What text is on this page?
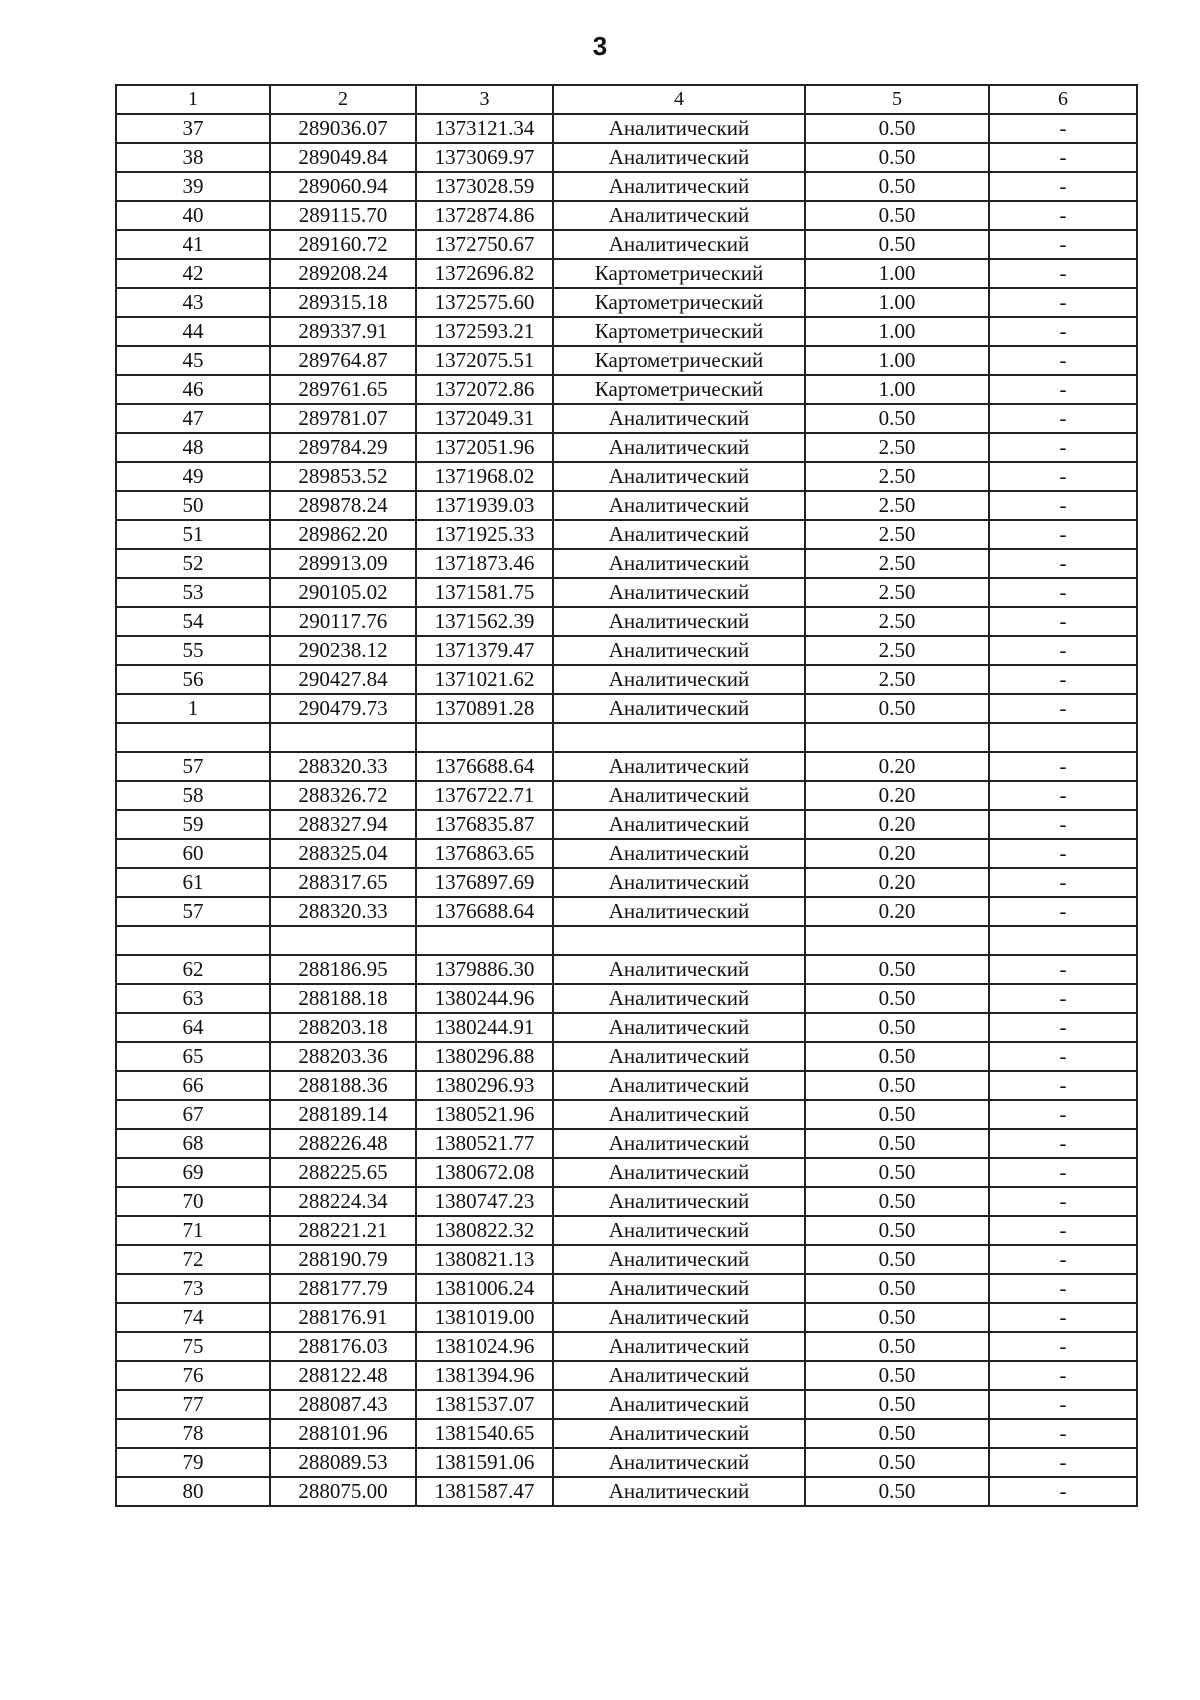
3
1	2	3	4	5	6
37	289036.07	1373121.34	Аналитический	0.50	-
38	289049.84	1373069.97	Аналитический	0.50	-
39	289060.94	1373028.59	Аналитический	0.50	-
40	289115.70	1372874.86	Аналитический	0.50	-
41	289160.72	1372750.67	Аналитический	0.50	-
42	289208.24	1372696.82	Картометрический	1.00	-
43	289315.18	1372575.60	Картометрический	1.00	-
44	289337.91	1372593.21	Картометрический	1.00	-
45	289764.87	1372075.51	Картометрический	1.00	-
46	289761.65	1372072.86	Картометрический	1.00	-
47	289781.07	1372049.31	Аналитический	0.50	-
48	289784.29	1372051.96	Аналитический	2.50	-
49	289853.52	1371968.02	Аналитический	2.50	-
50	289878.24	1371939.03	Аналитический	2.50	-
51	289862.20	1371925.33	Аналитический	2.50	-
52	289913.09	1371873.46	Аналитический	2.50	-
53	290105.02	1371581.75	Аналитический	2.50	-
54	290117.76	1371562.39	Аналитический	2.50	-
55	290238.12	1371379.47	Аналитический	2.50	-
56	290427.84	1371021.62	Аналитический	2.50	-
1	290479.73	1370891.28	Аналитический	0.50	-

57	288320.33	1376688.64	Аналитический	0.20	-
58	288326.72	1376722.71	Аналитический	0.20	-
59	288327.94	1376835.87	Аналитический	0.20	-
60	288325.04	1376863.65	Аналитический	0.20	-
61	288317.65	1376897.69	Аналитический	0.20	-
57	288320.33	1376688.64	Аналитический	0.20	-

62	288186.95	1379886.30	Аналитический	0.50	-
63	288188.18	1380244.96	Аналитический	0.50	-
64	288203.18	1380244.91	Аналитический	0.50	-
65	288203.36	1380296.88	Аналитический	0.50	-
66	288188.36	1380296.93	Аналитический	0.50	-
67	288189.14	1380521.96	Аналитический	0.50	-
68	288226.48	1380521.77	Аналитический	0.50	-
69	288225.65	1380672.08	Аналитический	0.50	-
70	288224.34	1380747.23	Аналитический	0.50	-
71	288221.21	1380822.32	Аналитический	0.50	-
72	288190.79	1380821.13	Аналитический	0.50	-
73	288177.79	1381006.24	Аналитический	0.50	-
74	288176.91	1381019.00	Аналитический	0.50	-
75	288176.03	1381024.96	Аналитический	0.50	-
76	288122.48	1381394.96	Аналитический	0.50	-
77	288087.43	1381537.07	Аналитический	0.50	-
78	288101.96	1381540.65	Аналитический	0.50	-
79	288089.53	1381591.06	Аналитический	0.50	-
80	288075.00	1381587.47	Аналитический	0.50	-
